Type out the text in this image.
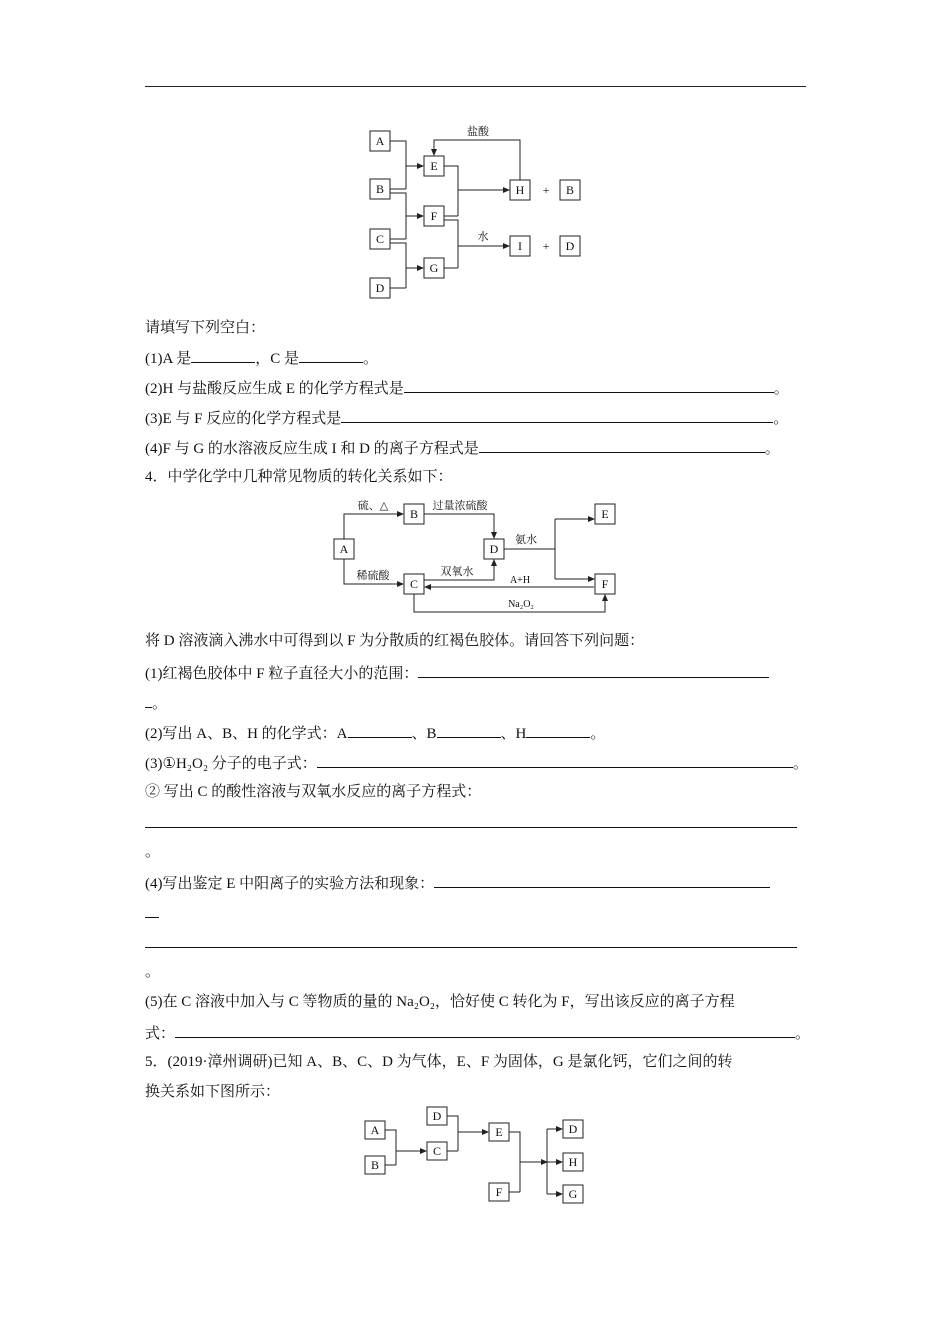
A
B
C
D
E
F
G
H	B
I	D
+
+
盐酸
水
请填写下列空白：
(1)A 是	，C 是	。
(2)H 与盐酸反应生成 E 的化学方程式是	。
(3)E 与 F 反应的化学方程式是	。
(4)F 与 G 的水溶液反应生成 I 和 D 的离子方程式是	。
4．中学化学中几种常见物质的转化关系如下：
A
B
C
D
E
F
硫、△
稀硫酸
过量浓硫酸
双氧水
氨水
A+H
Na₂O₂
将 D 溶液滴入沸水中可得到以 F 为分散质的红褐色胶体。请回答下列问题：
(1)红褐色胶体中 F 粒子直径大小的范围：
。
(2)写出 A、B、H 的化学式：A	、B	、H	。
(3)①H₂O₂ 分子的电子式：	。
② 写出 C 的酸性溶液与双氧水反应的离子方程式：
。
(4)写出鉴定 E 中阳离子的实验方法和现象：
。
(5)在 C 溶液中加入与 C 等物质的量的 Na₂O₂，恰好使 C 转化为 F，写出该反应的离子方程
式：	。
5．(2019·漳州调研)已知 A、B、C、D 为气体，E、F 为固体，G 是氯化钙，它们之间的转
换关系如下图所示：
A
B
C
D
E
F
D
H
G
